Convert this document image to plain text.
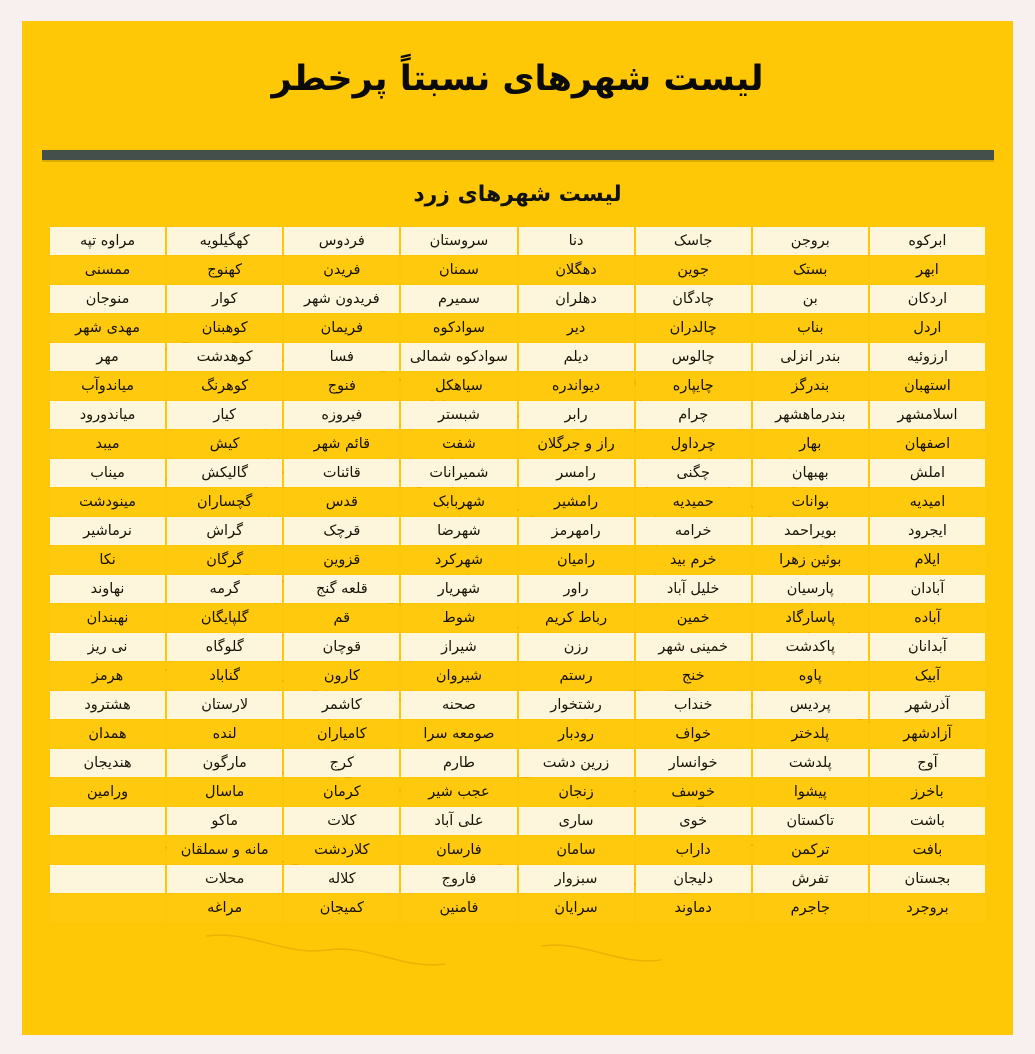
لیست شهرهای نسبتاً پرخطر
لیست شهرهای زرد
ابرکوه	بروجن	جاسک	دنا	سروستان	فردوس	کهگیلویه	مراوه تپه
ابهر	بستک	جوین	دهگلان	سمنان	فریدن	کهنوج	ممسنی
اردکان	بن	چادگان	دهلران	سمیرم	فریدون شهر	کوار	منوجان
اردل	بناب	چالدران	دیر	سوادکوه	فریمان	کوهبنان	مهدی شهر
ارزوئیه	بندر انزلی	چالوس	دیلم	سوادکوه شمالی	فسا	کوهدشت	مهر
استهبان	بندرگز	چایپاره	دیواندره	سیاهکل	فنوج	کوهرنگ	میاندوآب
اسلامشهر	بندرماهشهر	چرام	رابر	شبستر	فیروزه	کیار	میاندورود
اصفهان	بهار	چرداول	راز و جرگلان	شفت	قائم شهر	کیش	میبد
املش	بهبهان	چگنی	رامسر	شمیرانات	قائنات	گالیکش	میناب
امیدیه	بوانات	حمیدیه	رامشیر	شهربابک	قدس	گچساران	مینودشت
ایجرود	بویراحمد	خرامه	رامهرمز	شهرضا	قرچک	گراش	نرماشیر
ایلام	بوئین زهرا	خرم بید	رامیان	شهرکرد	قزوین	گرگان	نکا
آبادان	پارسیان	خلیل آباد	راور	شهریار	قلعه گنج	گرمه	نهاوند
آباده	پاسارگاد	خمین	رباط کریم	شوط	قم	گلپایگان	نهبندان
آبدانان	پاکدشت	خمینی شهر	رزن	شیراز	قوچان	گلوگاه	نی ریز
آبیک	پاوه	خنج	رستم	شیروان	کارون	گناباد	هرمز
آذرشهر	پردیس	خنداب	رشتخوار	صحنه	کاشمر	لارستان	هشترود
آزادشهر	پلدختر	خواف	رودبار	صومعه سرا	کامیاران	لنده	همدان
آوج	پلدشت	خوانسار	زرین دشت	طارم	کرج	مارگون	هندیجان
باخرز	پیشوا	خوسف	زنجان	عجب شیر	کرمان	ماسال	ورامین
باشت	تاکستان	خوی	ساری	علی آباد	کلات	ماکو	
بافت	ترکمن	داراب	سامان	فارسان	کلاردشت	مانه و سملقان	
بجستان	تفرش	دلیجان	سبزوار	فاروج	کلاله	محلات	
بروجرد	جاجرم	دماوند	سرایان	فامنین	کمیجان	مراغه	
